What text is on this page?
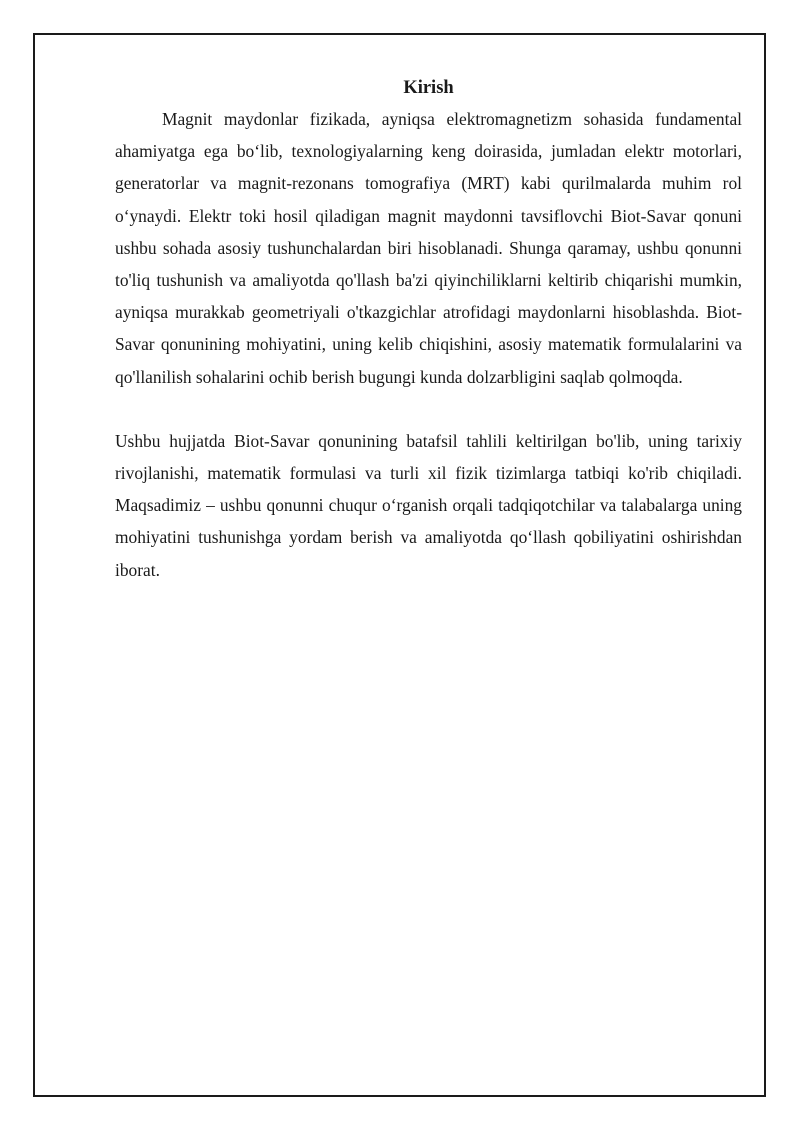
Kirish

Magnit maydonlar fizikada, ayniqsa elektromagnetizm sohasida fundamental ahamiyatga ega bo‘lib, texnologiyalarning keng doirasida, jumladan elektr motorlari, generatorlar va magnit-rezonans tomografiya (MRT) kabi qurilmalarda muhim rol o‘ynaydi. Elektr toki hosil qiladigan magnit maydonni tavsiflovchi Biot-Savar qonuni ushbu sohada asosiy tushunchalardan biri hisoblanadi. Shunga qaramay, ushbu qonunni to'liq tushunish va amaliyotda qo'llash ba'zi qiyinchiliklarni keltirib chiqarishi mumkin, ayniqsa murakkab geometriyali o'tkazgichlar atrofidagi maydonlarni hisoblashda. Biot-Savar qonunining mohiyatini, uning kelib chiqishini, asosiy matematik formulalarini va qo'llanilish sohalarini ochib berish bugungi kunda dolzarbligini saqlab qolmoqda.

Ushbu hujjatda Biot-Savar qonunining batafsil tahlili keltirilgan bo'lib, uning tarixiy rivojlanishi, matematik formulasi va turli xil fizik tizimlarga tatbiqi ko'rib chiqiladi. Maqsadimiz – ushbu qonunni chuqur o‘rganish orqali tadqiqotchilar va talabalarga uning mohiyatini tushunishga yordam berish va amaliyotda qo‘llash qobiliyatini oshirishdan iborat.
